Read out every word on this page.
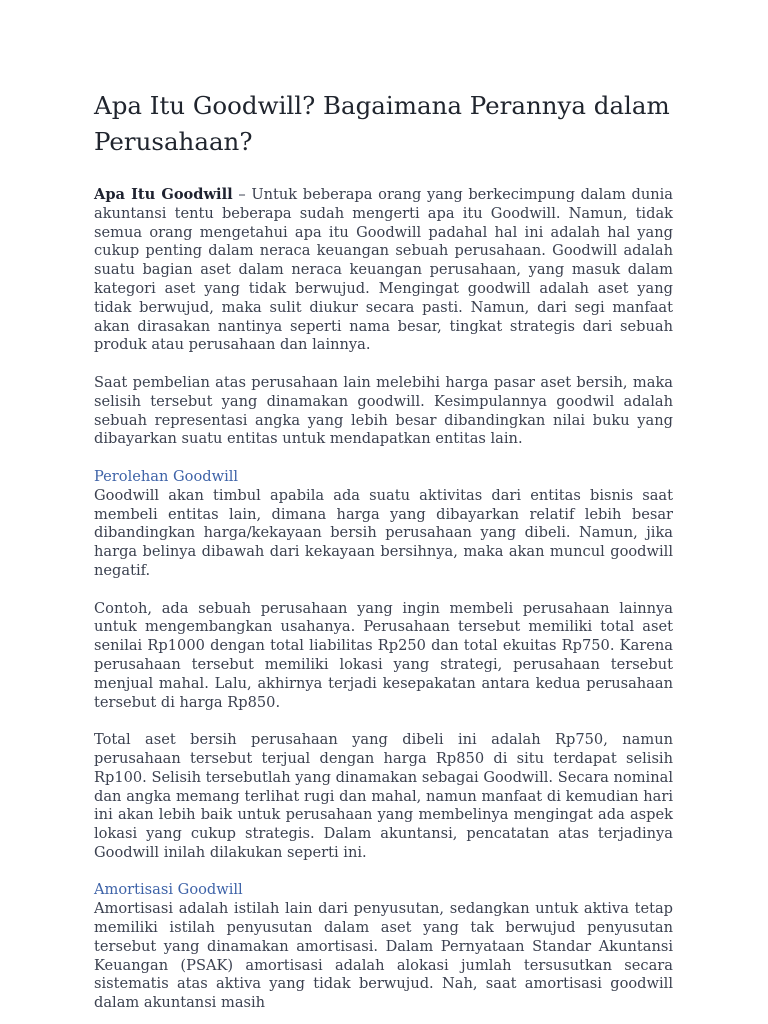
Apa Itu Goodwill? Bagaimana Perannya dalam Perusahaan?

Apa Itu Goodwill – Untuk beberapa orang yang berkecimpung dalam dunia akuntansi tentu beberapa sudah mengerti apa itu Goodwill. Namun, tidak semua orang mengetahui apa itu Goodwill padahal hal ini adalah hal yang cukup penting dalam neraca keuangan sebuah perusahaan. Goodwill adalah suatu bagian aset dalam neraca keuangan perusahaan, yang masuk dalam kategori aset yang tidak berwujud. Mengingat goodwill adalah aset yang tidak berwujud, maka sulit diukur secara pasti. Namun, dari segi manfaat akan dirasakan nantinya seperti nama besar, tingkat strategis dari sebuah produk atau perusahaan dan lainnya.

Saat pembelian atas perusahaan lain melebihi harga pasar aset bersih, maka selisih tersebut yang dinamakan goodwill. Kesimpulannya goodwil adalah sebuah representasi angka yang lebih besar dibandingkan nilai buku yang dibayarkan suatu entitas untuk mendapatkan entitas lain.

Perolehan Goodwill

Goodwill akan timbul apabila ada suatu aktivitas dari entitas bisnis saat membeli entitas lain, dimana harga yang dibayarkan relatif lebih besar dibandingkan harga/kekayaan bersih perusahaan yang dibeli. Namun, jika harga belinya dibawah dari kekayaan bersihnya, maka akan muncul goodwill negatif.

Contoh, ada sebuah perusahaan yang ingin membeli perusahaan lainnya untuk mengembangkan usahanya. Perusahaan tersebut memiliki total aset senilai Rp1000 dengan total liabilitas Rp250 dan total ekuitas Rp750. Karena perusahaan tersebut memiliki lokasi yang strategi, perusahaan tersebut menjual mahal. Lalu, akhirnya terjadi kesepakatan antara kedua perusahaan tersebut di harga Rp850.

Total aset bersih perusahaan yang dibeli ini adalah Rp750, namun perusahaan tersebut terjual dengan harga Rp850 di situ terdapat selisih Rp100. Selisih tersebutlah yang dinamakan sebagai Goodwill. Secara nominal dan angka memang terlihat rugi dan mahal, namun manfaat di kemudian hari ini akan lebih baik untuk perusahaan yang membelinya mengingat ada aspek lokasi yang cukup strategis. Dalam akuntansi, pencatatan atas terjadinya Goodwill inilah dilakukan seperti ini.

Amortisasi Goodwill

Amortisasi adalah istilah lain dari penyusutan, sedangkan untuk aktiva tetap memiliki istilah penyusutan dalam aset yang tak berwujud penyusutan tersebut yang dinamakan amortisasi. Dalam Pernyataan Standar Akuntansi Keuangan (PSAK) amortisasi adalah alokasi jumlah tersusutkan secara sistematis atas aktiva yang tidak berwujud. Nah, saat amortisasi goodwill dalam akuntansi masih
